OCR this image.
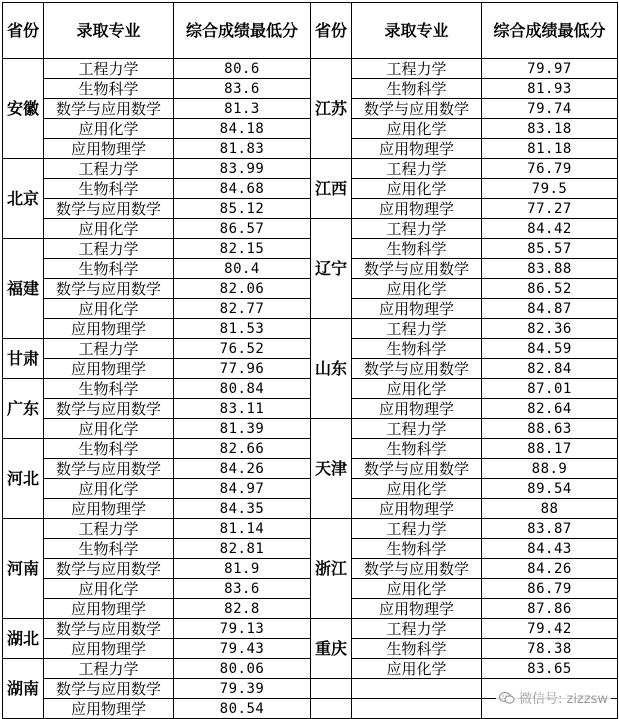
省份	录取专业	综合成绩最低分	省份	录取专业	综合成绩最低分
安徽	工程力学	80.6	江苏	工程力学	79.97
	生物科学	83.6		生物科学	81.93
	数学与应用数学	81.3		数学与应用数学	79.74
	应用化学	84.18		应用化学	83.18
	应用物理学	81.83		应用物理学	81.18
北京	工程力学	83.99	江西	工程力学	76.79
	生物科学	84.68		应用化学	79.5
	数学与应用数学	85.12		应用物理学	77.27
	应用化学	86.57	辽宁	工程力学	84.42
福建	工程力学	82.15		生物科学	85.57
	生物科学	80.4		数学与应用数学	83.88
	数学与应用数学	82.06		应用化学	86.52
	应用化学	82.77		应用物理学	84.87
	应用物理学	81.53	山东	工程力学	82.36
甘肃	工程力学	76.52		生物科学	84.59
	应用物理学	77.96		数学与应用数学	82.84
广东	生物科学	80.84		应用化学	87.01
	数学与应用数学	83.11		应用物理学	82.64
	应用化学	81.39	天津	工程力学	88.63
河北	生物科学	82.66		生物科学	88.17
	数学与应用数学	84.26		数学与应用数学	88.9
	应用化学	84.97		应用化学	89.54
	应用物理学	84.35		应用物理学	88
河南	工程力学	81.14	浙江	工程力学	83.87
	生物科学	82.81		生物科学	84.43
	数学与应用数学	81.9		数学与应用数学	84.26
	应用化学	83.6		应用化学	86.79
	应用物理学	82.8		应用物理学	87.86
湖北	数学与应用数学	79.13	重庆	工程力学	79.42
	应用物理学	79.43		生物科学	78.38
湖南	工程力学	80.06		应用化学	83.65
	数学与应用数学	79.39			
	应用物理学	80.54			
微信号: zizzsw
